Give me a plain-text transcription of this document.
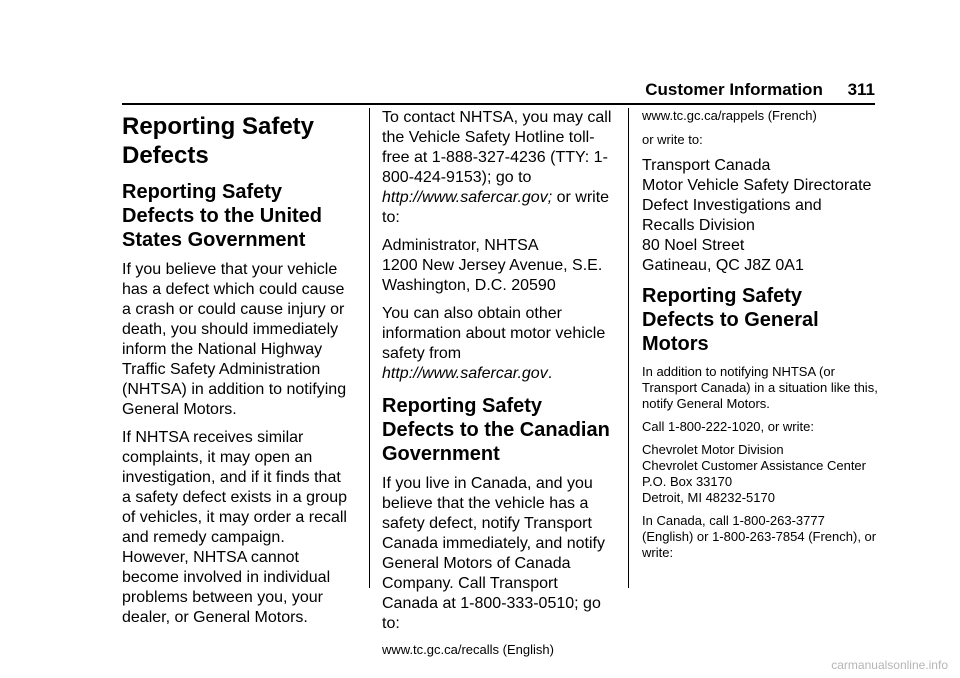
Customer Information 311
Reporting Safety Defects
Reporting Safety Defects to the United States Government

If you believe that your vehicle has a defect which could cause a crash or could cause injury or death, you should immediately inform the National Highway Traffic Safety Administration (NHTSA) in addition to notifying General Motors.

If NHTSA receives similar complaints, it may open an investigation, and if it finds that a safety defect exists in a group of vehicles, it may order a recall and remedy campaign. However, NHTSA cannot become involved in individual problems between you, your dealer, or General Motors.

To contact NHTSA, you may call the Vehicle Safety Hotline toll-free at 1-888-327-4236 (TTY: 1-800-424-9153); go to http://www.safercar.gov; or write to:

Administrator, NHTSA

1200 New Jersey Avenue, S.E.

Washington, D.C. 20590

You can also obtain other information about motor vehicle safety from http://www.safercar.gov.

Reporting Safety Defects to the Canadian Government

If you live in Canada, and you believe that the vehicle has a safety defect, notify Transport Canada immediately, and notify General Motors of Canada Company. Call Transport Canada at 1-800-333-0510; go to:

www.tc.gc.ca/recalls (English)

www.tc.gc.ca/rappels (French)

or write to:

Transport Canada

Motor Vehicle Safety Directorate

Defect Investigations and Recalls Division

80 Noel Street

Gatineau, QC J8Z 0A1

Reporting Safety Defects to General Motors

In addition to notifying NHTSA (or Transport Canada) in a situation like this, notify General Motors.

Call 1-800-222-1020, or write:

Chevrolet Motor Division

Chevrolet Customer Assistance Center

P.O. Box 33170

Detroit, MI 48232-5170

In Canada, call 1-800-263-3777 (English) or 1-800-263-7854 (French), or write:

carmanualsonline.info
